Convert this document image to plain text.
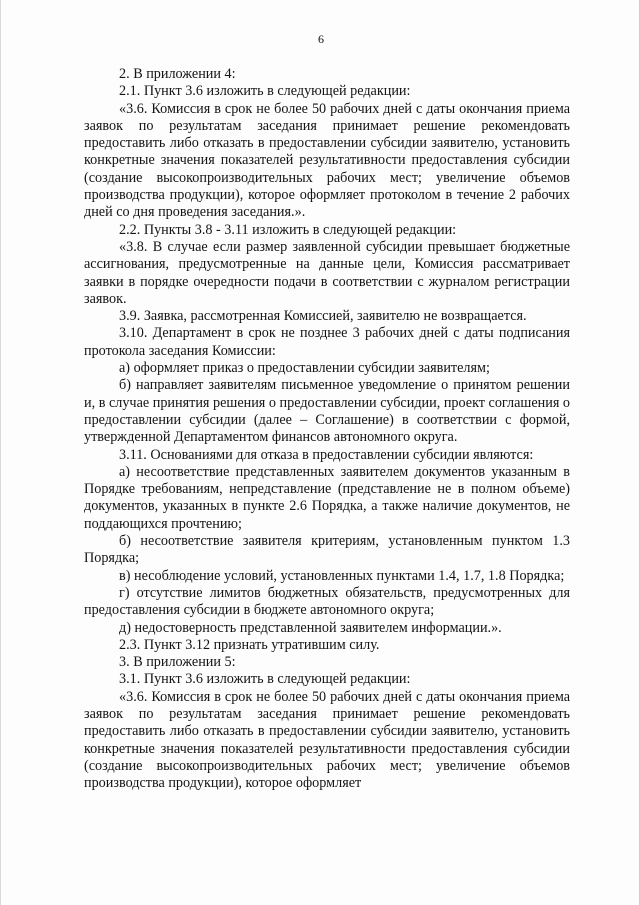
6

2. В приложении 4:

2.1. Пункт 3.6 изложить в следующей редакции:

«3.6. Комиссия в срок не более 50 рабочих дней с даты окончания приема заявок по результатам заседания принимает решение рекомендовать предоставить либо отказать в предоставлении субсидии заявителю, установить конкретные значения показателей результативности предоставления субсидии (создание высокопроизводительных рабочих мест; увеличение объемов производства продукции), которое оформляет протоколом в течение 2 рабочих дней со дня проведения заседания.».

2.2. Пункты 3.8 - 3.11 изложить в следующей редакции:

«3.8. В случае если размер заявленной субсидии превышает бюджетные ассигнования, предусмотренные на данные цели, Комиссия рассматривает заявки в порядке очередности подачи в соответствии с журналом регистрации заявок.

3.9. Заявка, рассмотренная Комиссией, заявителю не возвращается.

3.10. Департамент в срок не позднее 3 рабочих дней с даты подписания протокола заседания Комиссии:

а) оформляет приказ о предоставлении субсидии заявителям;

б) направляет заявителям письменное уведомление о принятом решении и, в случае принятия решения о предоставлении субсидии, проект соглашения о предоставлении субсидии (далее – Соглашение) в соответствии с формой, утвержденной Департаментом финансов автономного округа.

3.11. Основаниями для отказа в предоставлении субсидии являются:

а) несоответствие представленных заявителем документов указанным в Порядке требованиям, непредставление (представление не в полном объеме) документов, указанных в пункте 2.6 Порядка, а также наличие документов, не поддающихся прочтению;

б) несоответствие заявителя критериям, установленным пунктом 1.3 Порядка;

в) несоблюдение условий, установленных пунктами 1.4, 1.7, 1.8 Порядка;

г) отсутствие лимитов бюджетных обязательств, предусмотренных для предоставления субсидии в бюджете автономного округа;

д) недостоверность представленной заявителем информации.».

2.3. Пункт 3.12 признать утратившим силу.

3. В приложении 5:

3.1. Пункт 3.6 изложить в следующей редакции:

«3.6. Комиссия в срок не более 50 рабочих дней с даты окончания приема заявок по результатам заседания принимает решение рекомендовать предоставить либо отказать в предоставлении субсидии заявителю, установить конкретные значения показателей результативности предоставления субсидии (создание высокопроизводительных рабочих мест; увеличение объемов производства продукции), которое оформляет
